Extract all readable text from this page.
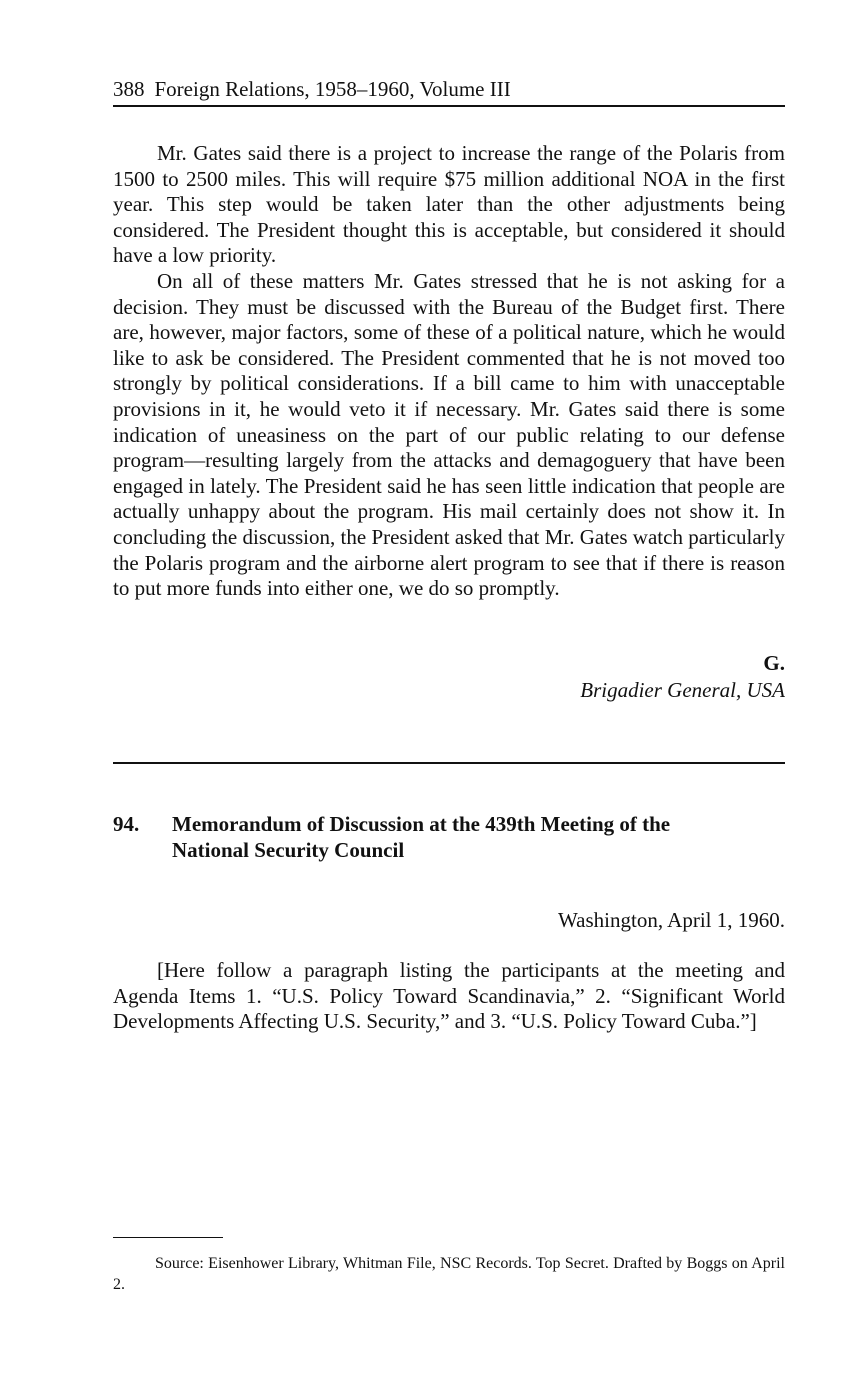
388 Foreign Relations, 1958–1960, Volume III

Mr. Gates said there is a project to increase the range of the Polaris from 1500 to 2500 miles. This will require $75 million additional NOA in the first year. This step would be taken later than the other adjustments being considered. The President thought this is acceptable, but considered it should have a low priority.

On all of these matters Mr. Gates stressed that he is not asking for a decision. They must be discussed with the Bureau of the Budget first. There are, however, major factors, some of these of a political nature, which he would like to ask be considered. The President commented that he is not moved too strongly by political considerations. If a bill came to him with unacceptable provisions in it, he would veto it if necessary. Mr. Gates said there is some indication of uneasiness on the part of our public relating to our defense program—resulting largely from the attacks and demagoguery that have been engaged in lately. The President said he has seen little indication that people are actually unhappy about the program. His mail certainly does not show it. In concluding the discussion, the President asked that Mr. Gates watch particularly the Polaris program and the airborne alert program to see that if there is reason to put more funds into either one, we do so promptly.

G.
Brigadier General, USA
94. Memorandum of Discussion at the 439th Meeting of the National Security Council
Washington, April 1, 1960.

[Here follow a paragraph listing the participants at the meeting and Agenda Items 1. “U.S. Policy Toward Scandinavia,” 2. “Significant World Developments Affecting U.S. Security,” and 3. “U.S. Policy Toward Cuba.”]

Source: Eisenhower Library, Whitman File, NSC Records. Top Secret. Drafted by Boggs on April 2.
